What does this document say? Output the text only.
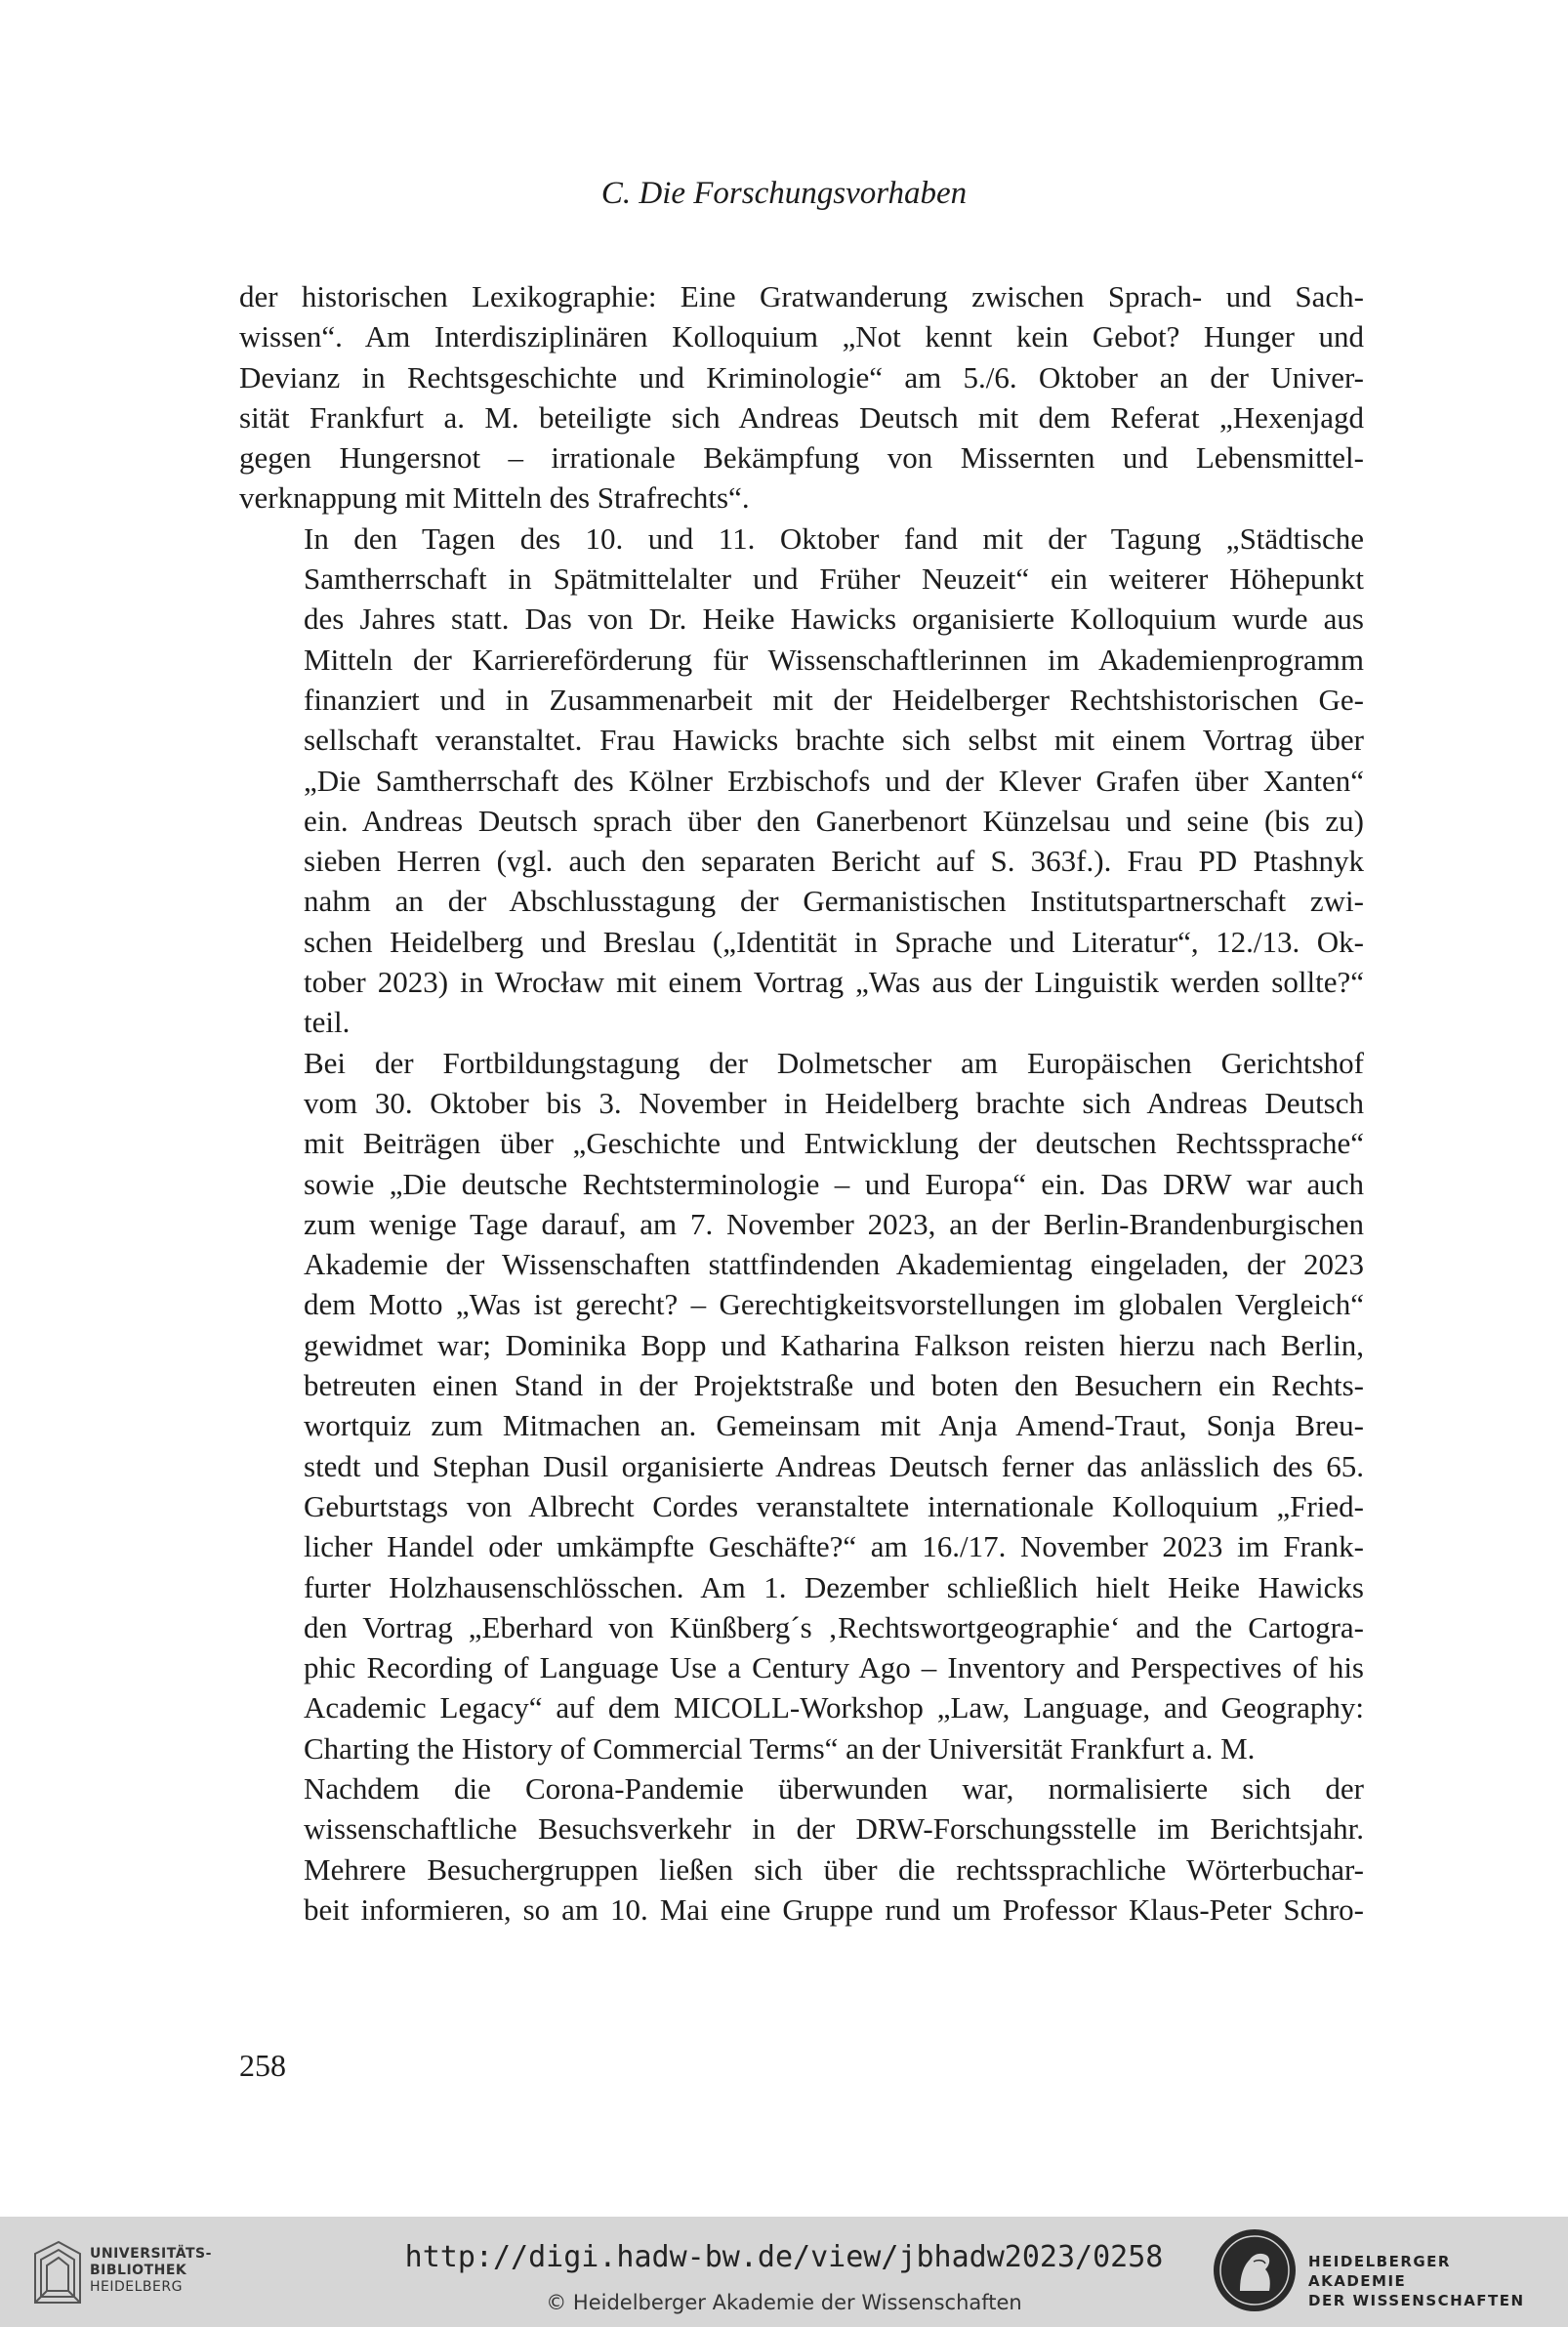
C. Die Forschungsvorhaben

der historischen Lexikographie: Eine Gratwanderung zwischen Sprach- und Sach-
wissen“. Am Interdisziplinären Kolloquium „Not kennt kein Gebot? Hunger und
Devianz in Rechtsgeschichte und Kriminologie“ am 5./6. Oktober an der Univer-
sität Frankfurt a. M. beteiligte sich Andreas Deutsch mit dem Referat „Hexenjagd
gegen Hungersnot – irrationale Bekämpfung von Missernten und Lebensmittel-
verknappung mit Mitteln des Strafrechts“.

In den Tagen des 10. und 11. Oktober fand mit der Tagung „Städtische
Samtherrschaft in Spätmittelalter und Früher Neuzeit“ ein weiterer Höhepunkt
des Jahres statt. Das von Dr. Heike Hawicks organisierte Kolloquium wurde aus
Mitteln der Karriereförderung für Wissenschaftlerinnen im Akademienprogramm
finanziert und in Zusammenarbeit mit der Heidelberger Rechtshistorischen Ge-
sellschaft veranstaltet. Frau Hawicks brachte sich selbst mit einem Vortrag über
„Die Samtherrschaft des Kölner Erzbischofs und der Klever Grafen über Xanten“
ein. Andreas Deutsch sprach über den Ganerbenort Künzelsau und seine (bis zu)
sieben Herren (vgl. auch den separaten Bericht auf S. 363f.). Frau PD Ptashnyk
nahm an der Abschlusstagung der Germanistischen Institutspartnerschaft zwi-
schen Heidelberg und Breslau („Identität in Sprache und Literatur“, 12./13. Ok-
tober 2023) in Wrocław mit einem Vortrag „Was aus der Linguistik werden sollte?“
teil.

Bei der Fortbildungstagung der Dolmetscher am Europäischen Gerichtshof
vom 30. Oktober bis 3. November in Heidelberg brachte sich Andreas Deutsch
mit Beiträgen über „Geschichte und Entwicklung der deutschen Rechtssprache“
sowie „Die deutsche Rechtsterminologie – und Europa“ ein. Das DRW war auch
zum wenige Tage darauf, am 7. November 2023, an der Berlin-Brandenburgischen
Akademie der Wissenschaften stattfindenden Akademientag eingeladen, der 2023
dem Motto „Was ist gerecht? – Gerechtigkeitsvorstellungen im globalen Vergleich“
gewidmet war; Dominika Bopp und Katharina Falkson reisten hierzu nach Berlin,
betreuten einen Stand in der Projektstraße und boten den Besuchern ein Rechts-
wortquiz zum Mitmachen an. Gemeinsam mit Anja Amend-Traut, Sonja Breu-
stedt und Stephan Dusil organisierte Andreas Deutsch ferner das anlässlich des 65.
Geburtstags von Albrecht Cordes veranstaltete internationale Kolloquium „Fried-
licher Handel oder umkämpfte Geschäfte?“ am 16./17. November 2023 im Frank-
furter Holzhausenschlösschen. Am 1. Dezember schließlich hielt Heike Hawicks
den Vortrag „Eberhard von Künßberg´s ‚Rechtswortgeographie‘ and the Cartogra-
phic Recording of Language Use a Century Ago – Inventory and Perspectives of his
Academic Legacy“ auf dem MICOLL-Workshop „Law, Language, and Geography:
Charting the History of Commercial Terms“ an der Universität Frankfurt a. M.

Nachdem die Corona-Pandemie überwunden war, normalisierte sich der
wissenschaftliche Besuchsverkehr in der DRW-Forschungsstelle im Berichtsjahr.
Mehrere Besuchergruppen ließen sich über die rechtssprachliche Wörterbuchar-
beit informieren, so am 10. Mai eine Gruppe rund um Professor Klaus-Peter Schro-

258
UNIVERSITÄTS-
BIBLIOTHEK
HEIDELBERG
http://digi.hadw-bw.de/view/jbhadw2023/0258
© Heidelberger Akademie der Wissenschaften
HEIDELBERGER AKADEMIE
DER WISSENSCHAFTEN
